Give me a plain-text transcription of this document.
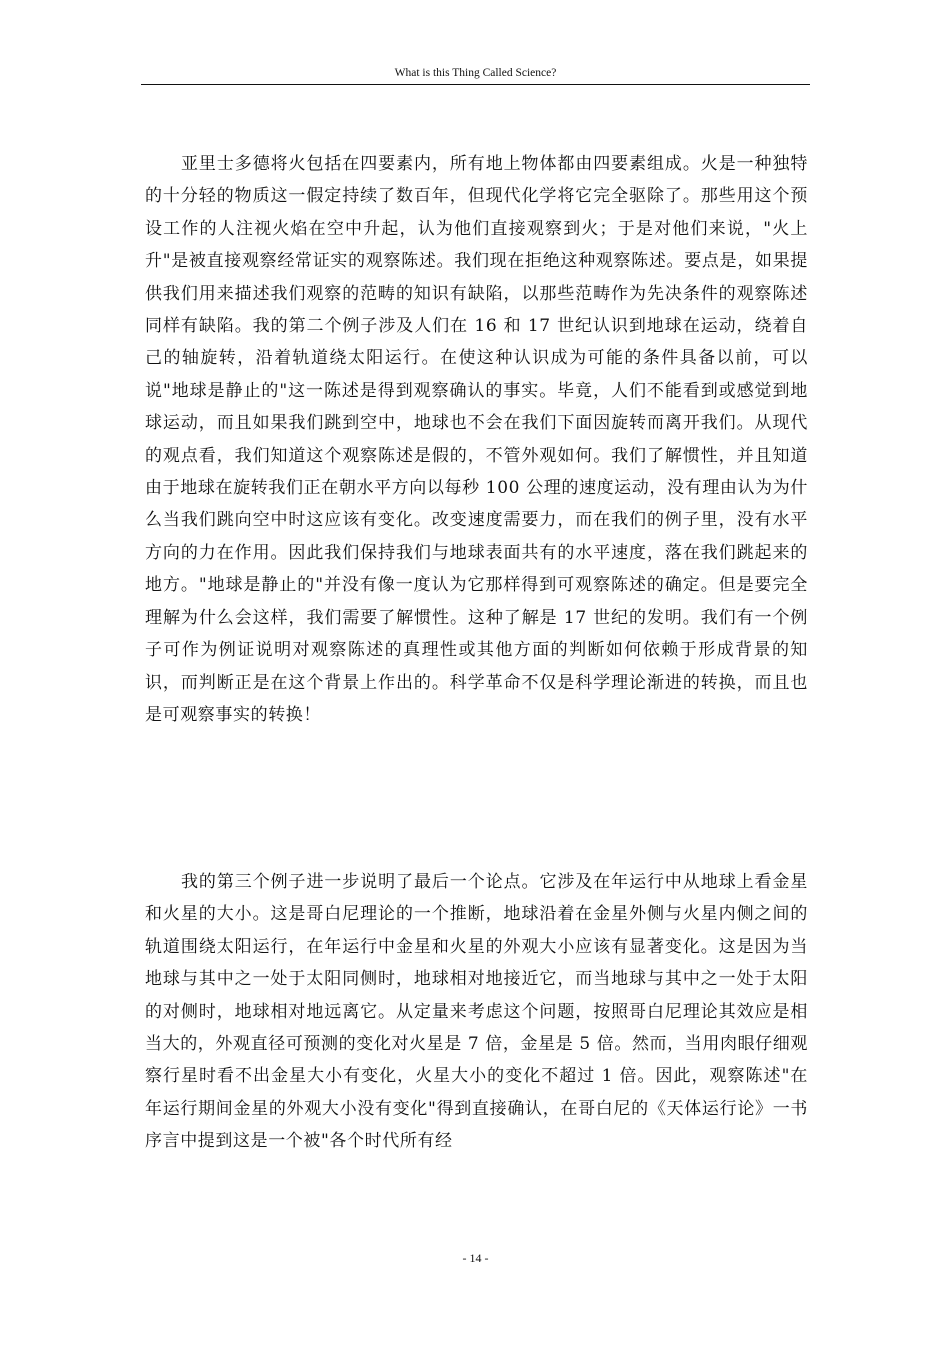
What is this Thing Called Science?

亚里士多德将火包括在四要素内，所有地上物体都由四要素组成。火是一种独特的十分轻的物质这一假定持续了数百年，但现代化学将它完全驱除了。那些用这个预设工作的人注视火焰在空中升起，认为他们直接观察到火；于是对他们来说，"火上升"是被直接观察经常证实的观察陈述。我们现在拒绝这种观察陈述。要点是，如果提供我们用来描述我们观察的范畴的知识有缺陷，以那些范畴作为先决条件的观察陈述同样有缺陷。我的第二个例子涉及人们在 16 和 17 世纪认识到地球在运动，绕着自己的轴旋转，沿着轨道绕太阳运行。在使这种认识成为可能的条件具备以前，可以说"地球是静止的"这一陈述是得到观察确认的事实。毕竟，人们不能看到或感觉到地球运动，而且如果我们跳到空中，地球也不会在我们下面因旋转而离开我们。从现代的观点看，我们知道这个观察陈述是假的，不管外观如何。我们了解惯性，并且知道由于地球在旋转我们正在朝水平方向以每秒 100 公理的速度运动，没有理由认为为什么当我们跳向空中时这应该有变化。改变速度需要力，而在我们的例子里，没有水平方向的力在作用。因此我们保持我们与地球表面共有的水平速度，落在我们跳起来的地方。"地球是静止的"并没有像一度认为它那样得到可观察陈述的确定。但是要完全理解为什么会这样，我们需要了解惯性。这种了解是 17 世纪的发明。我们有一个例子可作为例证说明对观察陈述的真理性或其他方面的判断如何依赖于形成背景的知识，而判断正是在这个背景上作出的。科学革命不仅是科学理论渐进的转换，而且也是可观察事实的转换！

我的第三个例子进一步说明了最后一个论点。它涉及在年运行中从地球上看金星和火星的大小。这是哥白尼理论的一个推断，地球沿着在金星外侧与火星内侧之间的轨道围绕太阳运行，在年运行中金星和火星的外观大小应该有显著变化。这是因为当地球与其中之一处于太阳同侧时，地球相对地接近它，而当地球与其中之一处于太阳的对侧时，地球相对地远离它。从定量来考虑这个问题，按照哥白尼理论其效应是相当大的，外观直径可预测的变化对火星是 7 倍，金星是 5 倍。然而，当用肉眼仔细观察行星时看不出金星大小有变化，火星大小的变化不超过 1 倍。因此，观察陈述"在年运行期间金星的外观大小没有变化"得到直接确认，在哥白尼的《天体运行论》一书序言中提到这是一个被"各个时代所有经

- 14 -
